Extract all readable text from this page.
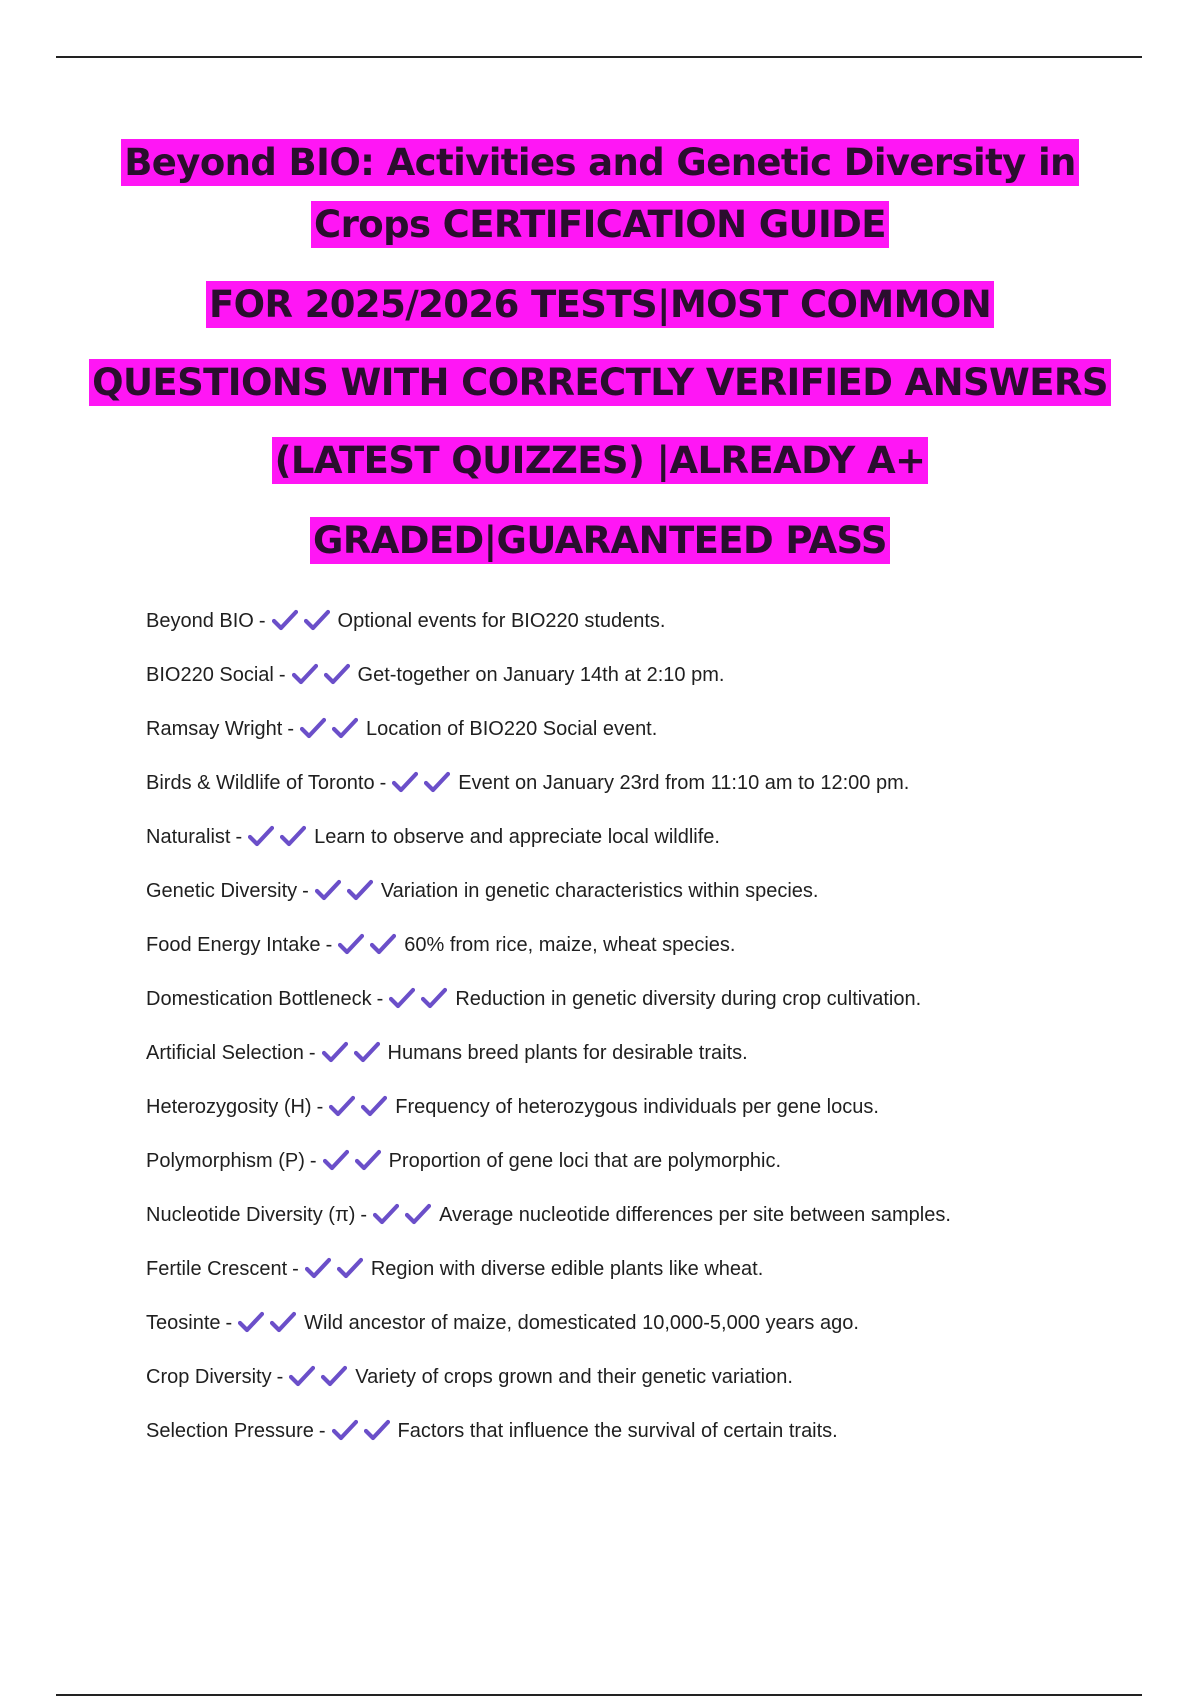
Beyond BIO: Activities and Genetic Diversity in
Crops CERTIFICATION GUIDE
FOR 2025/2026 TESTS|MOST COMMON
QUESTIONS WITH CORRECTLY VERIFIED ANSWERS
(LATEST QUIZZES) |ALREADY A+
GRADED|GUARANTEED PASS
Beyond BIO -	Optional events for BIO220 students.
BIO220 Social -	Get-together on January 14th at 2:10 pm.
Ramsay Wright -	Location of BIO220 Social event.
Birds & Wildlife of Toronto -	Event on January 23rd from 11:10 am to 12:00 pm.
Naturalist -	Learn to observe and appreciate local wildlife.
Genetic Diversity -	Variation in genetic characteristics within species.
Food Energy Intake -	60% from rice, maize, wheat species.
Domestication Bottleneck -	Reduction in genetic diversity during crop cultivation.
Artificial Selection -	Humans breed plants for desirable traits.
Heterozygosity (H) -	Frequency of heterozygous individuals per gene locus.
Polymorphism (P) -	Proportion of gene loci that are polymorphic.
Nucleotide Diversity (π) -	Average nucleotide differences per site between samples.
Fertile Crescent -	Region with diverse edible plants like wheat.
Teosinte -	Wild ancestor of maize, domesticated 10,000-5,000 years ago.
Crop Diversity -	Variety of crops grown and their genetic variation.
Selection Pressure -	Factors that influence the survival of certain traits.
